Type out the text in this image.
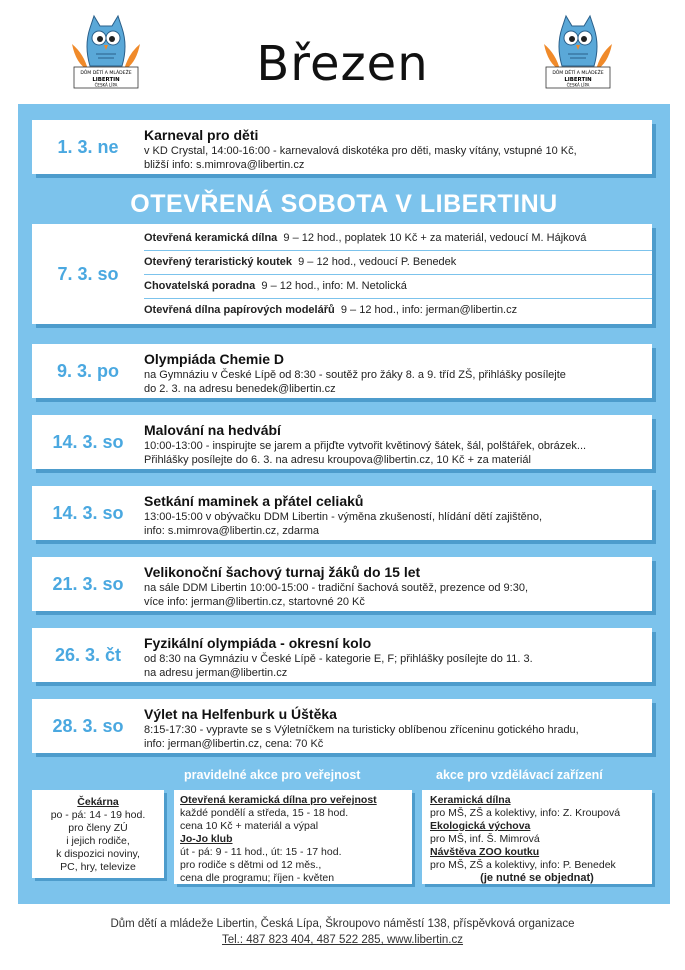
DŮM DĚTÍ A MLÁDEŽE
LIBERTIN
ČESKÁ LÍPA
DŮM DĚTÍ A MLÁDEŽE
LIBERTIN
ČESKÁ LÍPA
Březen
1. 3. ne
Karneval pro děti
v KD Crystal, 14:00-16:00 - karnevalová diskotéka pro děti, masky vítány, vstupné 10 Kč,
bližší info: s.mimrova@libertin.cz
OTEVŘENÁ SOBOTA V LIBERTINU
7. 3. so
Otevřená keramická dílna 9 – 12 hod., poplatek 10 Kč + za materiál, vedoucí M. Hájková
Otevřený teraristický koutek 9 – 12 hod., vedoucí P. Benedek
Chovatelská poradna 9 – 12 hod., info: M. Netolická
Otevřená dílna papírových modelářů 9 – 12 hod., info: jerman@libertin.cz
9. 3. po
Olympiáda Chemie D
na Gymnáziu v České Lípě od 8:30 - soutěž pro žáky 8. a 9. tříd ZŠ, přihlášky posílejte
do 2. 3. na adresu benedek@libertin.cz
14. 3. so
Malování na hedvábí
10:00-13:00 - inspirujte se jarem a přijďte vytvořit květinový šátek, šál, polštářek, obrázek...
Přihlášky posílejte do 6. 3. na adresu kroupova@libertin.cz, 10 Kč + za materiál
14. 3. so
Setkání maminek a přátel celiaků
13:00-15:00 v obývačku DDM Libertin - výměna zkušeností, hlídání dětí zajištěno,
info: s.mimrova@libertin.cz, zdarma
21. 3. so
Velikonoční šachový turnaj žáků do 15 let
na sále DDM Libertin 10:00-15:00 - tradiční šachová soutěž, prezence od 9:30,
více info: jerman@libertin.cz, startovné 20 Kč
26. 3. čt
Fyzikální olympiáda - okresní kolo
od 8:30 na Gymnáziu v České Lípě - kategorie E, F; přihlášky posílejte do 11. 3.
na adresu jerman@libertin.cz
28. 3. so
Výlet na Helfenburk u Úštěka
8:15-17:30 - vypravte se s Výletníčkem na turisticky oblíbenou zříceninu gotického hradu,
info: jerman@libertin.cz, cena: 70 Kč
pravidelné akce pro veřejnost	akce pro vzdělávací zařízení
Čekárna
po - pá: 14 - 19 hod.
pro členy ZÚ
i jejich rodiče,
k dispozici noviny,
PC, hry, televize
Otevřená keramická dílna pro veřejnost
každé pondělí a středa, 15 - 18 hod.
cena 10 Kč + materiál a výpal
Jo-Jo klub
út - pá: 9 - 11 hod., út: 15 - 17 hod.
pro rodiče s dětmi od 12 měs.,
cena dle programu; říjen - květen
Keramická dílna
pro MŠ, ZŠ a kolektivy, info: Z. Kroupová
Ekologická výchova
pro MŠ, inf. Š. Mimrová
Návštěva ZOO koutku
pro MŠ, ZŠ a kolektivy, info: P. Benedek
(je nutné se objednat)
Dům dětí a mládeže Libertin, Česká Lípa, Škroupovo náměstí 138, příspěvková organizace
Tel.: 487 823 404, 487 522 285, www.libertin.cz
